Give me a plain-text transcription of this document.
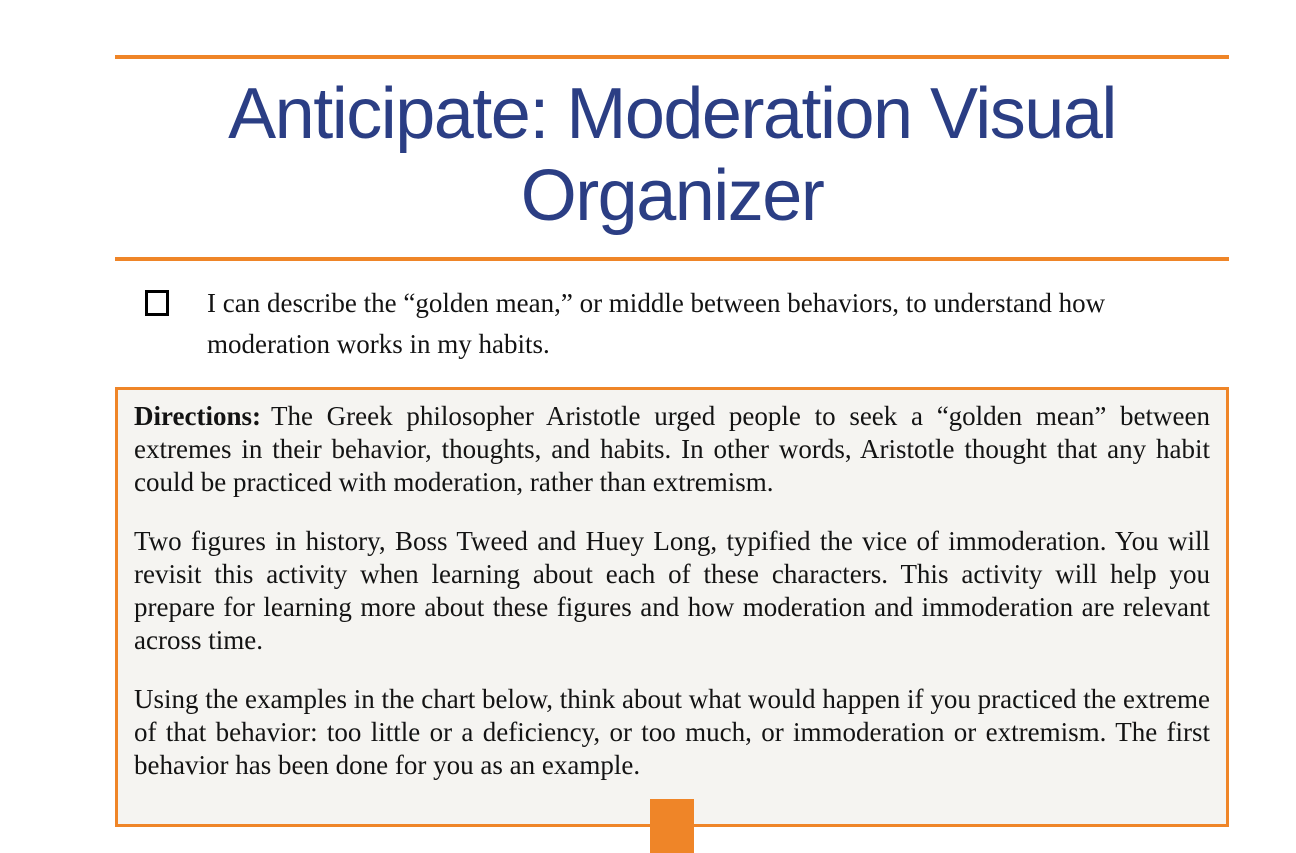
Anticipate: Moderation Visual Organizer
I can describe the “golden mean,” or middle between behaviors, to understand how moderation works in my habits.

Directions: The Greek philosopher Aristotle urged people to seek a “golden mean” between extremes in their behavior, thoughts, and habits. In other words, Aristotle thought that any habit could be practiced with moderation, rather than extremism.

Two figures in history, Boss Tweed and Huey Long, typified the vice of immoderation. You will revisit this activity when learning about each of these characters. This activity will help you prepare for learning more about these figures and how moderation and immoderation are relevant across time.

Using the examples in the chart below, think about what would happen if you practiced the extreme of that behavior: too little or a deficiency, or too much, or immoderation or extremism. The first behavior has been done for you as an example.
